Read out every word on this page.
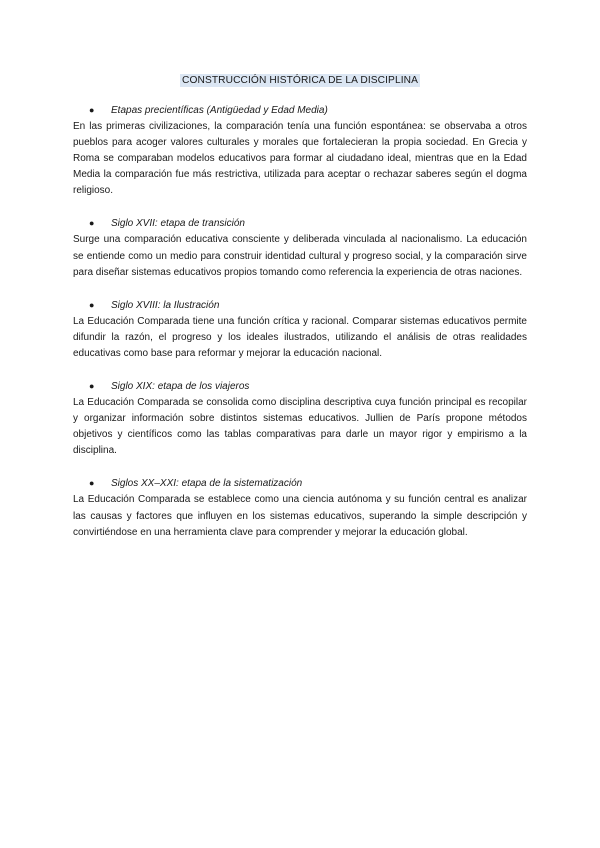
CONSTRUCCIÓN HISTÓRICA DE LA DISCIPLINA
● Etapas precientíficas (Antigüedad y Edad Media)
En las primeras civilizaciones, la comparación tenía una función espontánea: se observaba a otros pueblos para acoger valores culturales y morales que fortalecieran la propia sociedad. En Grecia y Roma se comparaban modelos educativos para formar al ciudadano ideal, mientras que en la Edad Media la comparación fue más restrictiva, utilizada para aceptar o rechazar saberes según el dogma religioso.
● Siglo XVII: etapa de transición
Surge una comparación educativa consciente y deliberada vinculada al nacionalismo. La educación se entiende como un medio para construir identidad cultural y progreso social, y la comparación sirve para diseñar sistemas educativos propios tomando como referencia la experiencia de otras naciones.
● Siglo XVIII: la Ilustración
La Educación Comparada tiene una función crítica y racional. Comparar sistemas educativos permite difundir la razón, el progreso y los ideales ilustrados, utilizando el análisis de otras realidades educativas como base para reformar y mejorar la educación nacional.
● Siglo XIX: etapa de los viajeros
La Educación Comparada se consolida como disciplina descriptiva cuya función principal es recopilar y organizar información sobre distintos sistemas educativos. Jullien de París propone métodos objetivos y científicos como las tablas comparativas para darle un mayor rigor y empirismo a la disciplina.
● Siglos XX–XXI: etapa de la sistematización
La Educación Comparada se establece como una ciencia autónoma y su función central es analizar las causas y factores que influyen en los sistemas educativos, superando la simple descripción y convirtiéndose en una herramienta clave para comprender y mejorar la educación global.
